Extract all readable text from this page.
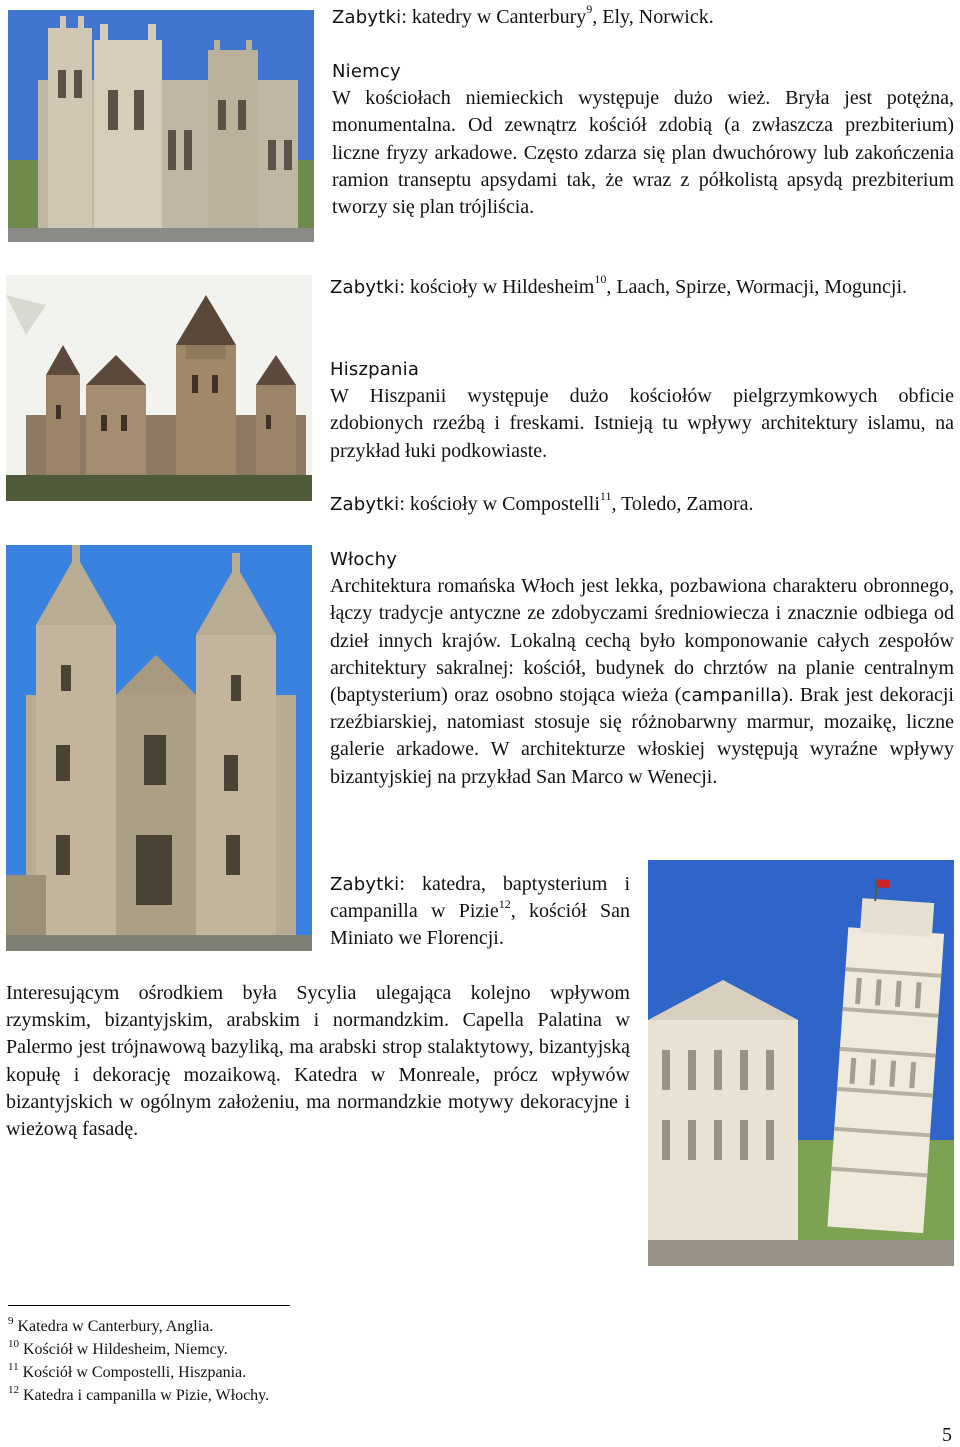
Zabytki: katedry w Canterbury$^9$, Ely, Norwick.

Niemcy

W kościołach niemieckich występuje dużo wież. Bryła jest potężna, monumentalna. Od zewnątrz kościół zdobią (a zwłaszcza prezbiterium) liczne fryzy arkadowe. Często zdarza się plan dwuchórowy lub zakończenia ramion transeptu apsydami tak, że wraz z półkolistą apsydą prezbiterium tworzy się plan trójliścia.

Zabytki: kościoły w Hildesheim$^{10}$, Laach, Spirze, Wormacji, Moguncji.

Hiszpania

W Hiszpanii występuje dużo kościołów pielgrzymkowych obficie zdobionych rzeźbą i freskami. Istnieją tu wpływy architektury islamu, na przykład łuki podkowiaste.

Zabytki: kościoły w Compostelli$^{11}$, Toledo, Zamora.

Włochy

Architektura romańska Włoch jest lekka, pozbawiona charakteru obronnego, łączy tradycje antyczne ze zdobyczami średniowiecza i znacznie odbiega od dzieł innych krajów. Lokalną cechą było komponowanie całych zespołów architektury sakralnej: kościół, budynek do chrztów na planie centralnym (baptysterium) oraz osobno stojąca wieża (campanilla). Brak jest dekoracji rzeźbiarskiej, natomiast stosuje się różnobarwny marmur, mozaikę, liczne galerie arkadowe. W architekturze włoskiej występują wyraźne wpływy bizantyjskiej na przykład San Marco w Wenecji.

Zabytki: katedra, baptysterium i campanilla w Pizie$^{12}$, kościół San Miniato we Florencji.

Interesującym ośrodkiem była Sycylia ulegająca kolejno wpływom rzymskim, bizantyjskim, arabskim i normandzkim. Capella Palatina w Palermo jest trójnawową bazyliką, ma arabski strop stalaktytowy, bizantyjską kopułę i dekorację mozaikową. Katedra w Monreale, prócz wpływów bizantyjskich w ogólnym założeniu, ma normandzkie motywy dekoracyjne i wieżową fasadę.

$^9$ Katedra w Canterbury, Anglia.
$^{10}$ Kościół w Hildesheim, Niemcy.
$^{11}$ Kościół w Compostelli, Hiszpania.
$^{12}$ Katedra i campanilla w Pizie, Włochy.
5
